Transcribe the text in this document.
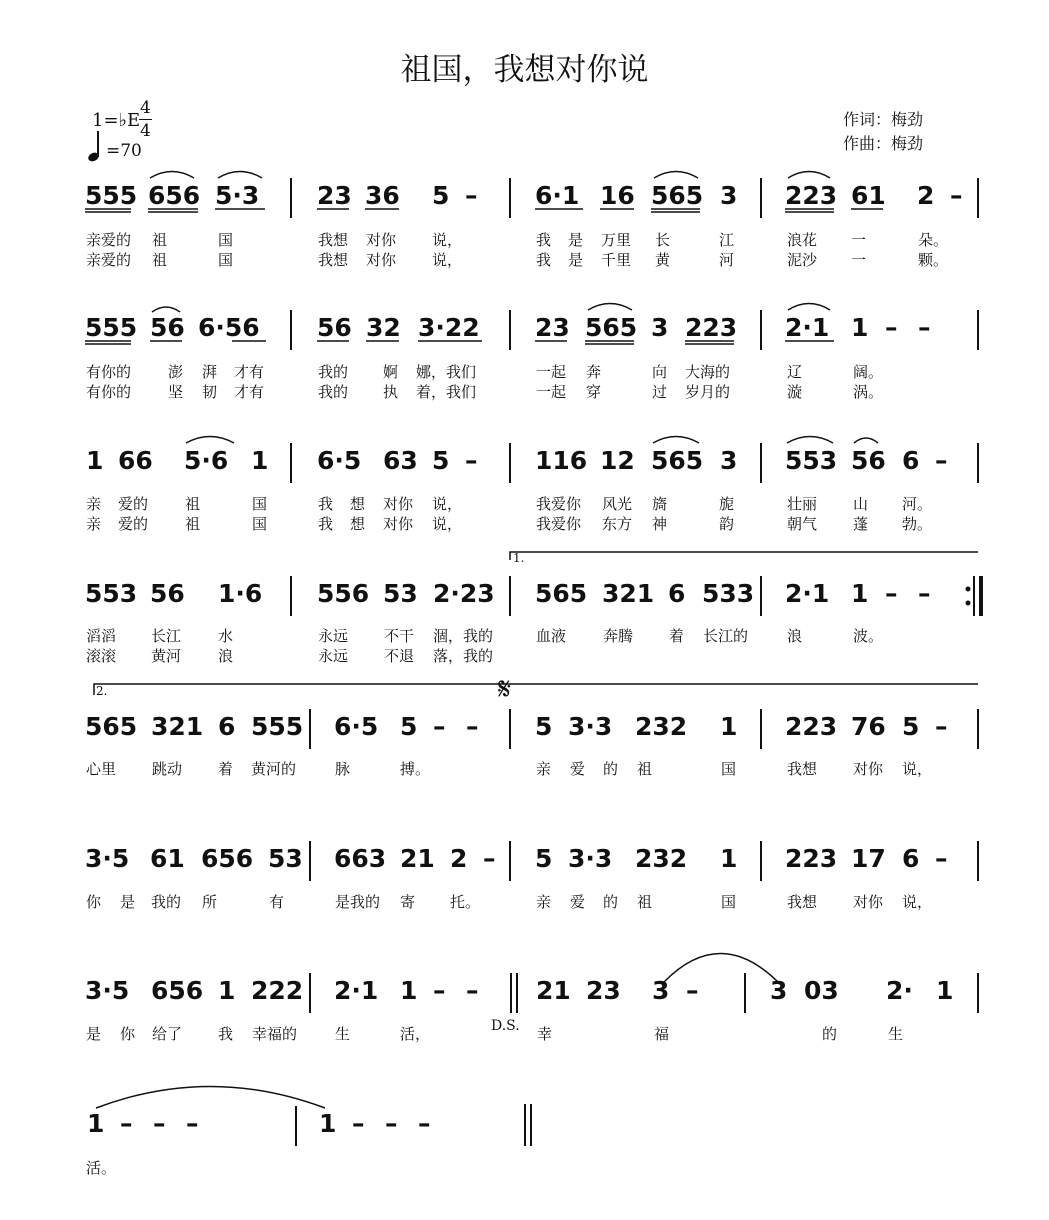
祖国，我想对你说
1=♭E
4
4
=70
作词：梅劲
作曲：梅劲
555 656 5·3 23 36 5 – 6·1 16 565 3 223 61 2 –
亲爱的 祖	国	我想 对你 说，	我 是 万里 长	江	浪花 一	朵。
亲爱的 祖	国	我想 对你 说，	我 是 千里 黄	河	泥沙 一	颗。
555 56 6·56 56 32 3·22 23 565 3 223 2·1 1 – –
有你的 澎 湃 才有	我的 婀 娜，我们	一起 奔	向 大海的	辽	阔。
有你的 坚 韧 才有	我的 执 着，我们	一起 穿	过 岁月的	漩	涡。
1 66 5·6 1 6·5 63 5 – 116 12 565 3 553 56 6 –
亲 爱的 祖	国	我 想 对你 说，	我爱你 风光 旖	旎	壮丽 山 河。
亲 爱的 祖	国	我 想 对你 说，	我爱你 东方 神	韵	朝气 蓬 勃。
553 56 1·6 556 53 2·23 565 321 6 533 2·1 1 – –
滔滔 长江 水	永远 不干 涸，我的	血液 奔腾 着 长江的	浪	波。
滚滚 黄河 浪	永远 不退 落，我的
565 321 6 555 6·5 5 – – 5 3·3 232 1 223 76 5 –
心里 跳动 着 黄河的	脉	搏。	亲 爱 的 祖	国	我想 对你 说，
3·5 61 656 53 663 21 2 – 5 3·3 232 1 223 17 6 –
你 是 我的 所	有	是我的 寄 托。	亲 爱 的 祖	国	我想 对你 说，
3·5 656 1 222 2·1 1 – – 21 23 3 –	3 03 2· 1
是 你 给了 我 幸福的	生	活，	幸	福	的	生
D.S.
1 – – –	1 – – –
活。
1.
2.	𝄋
